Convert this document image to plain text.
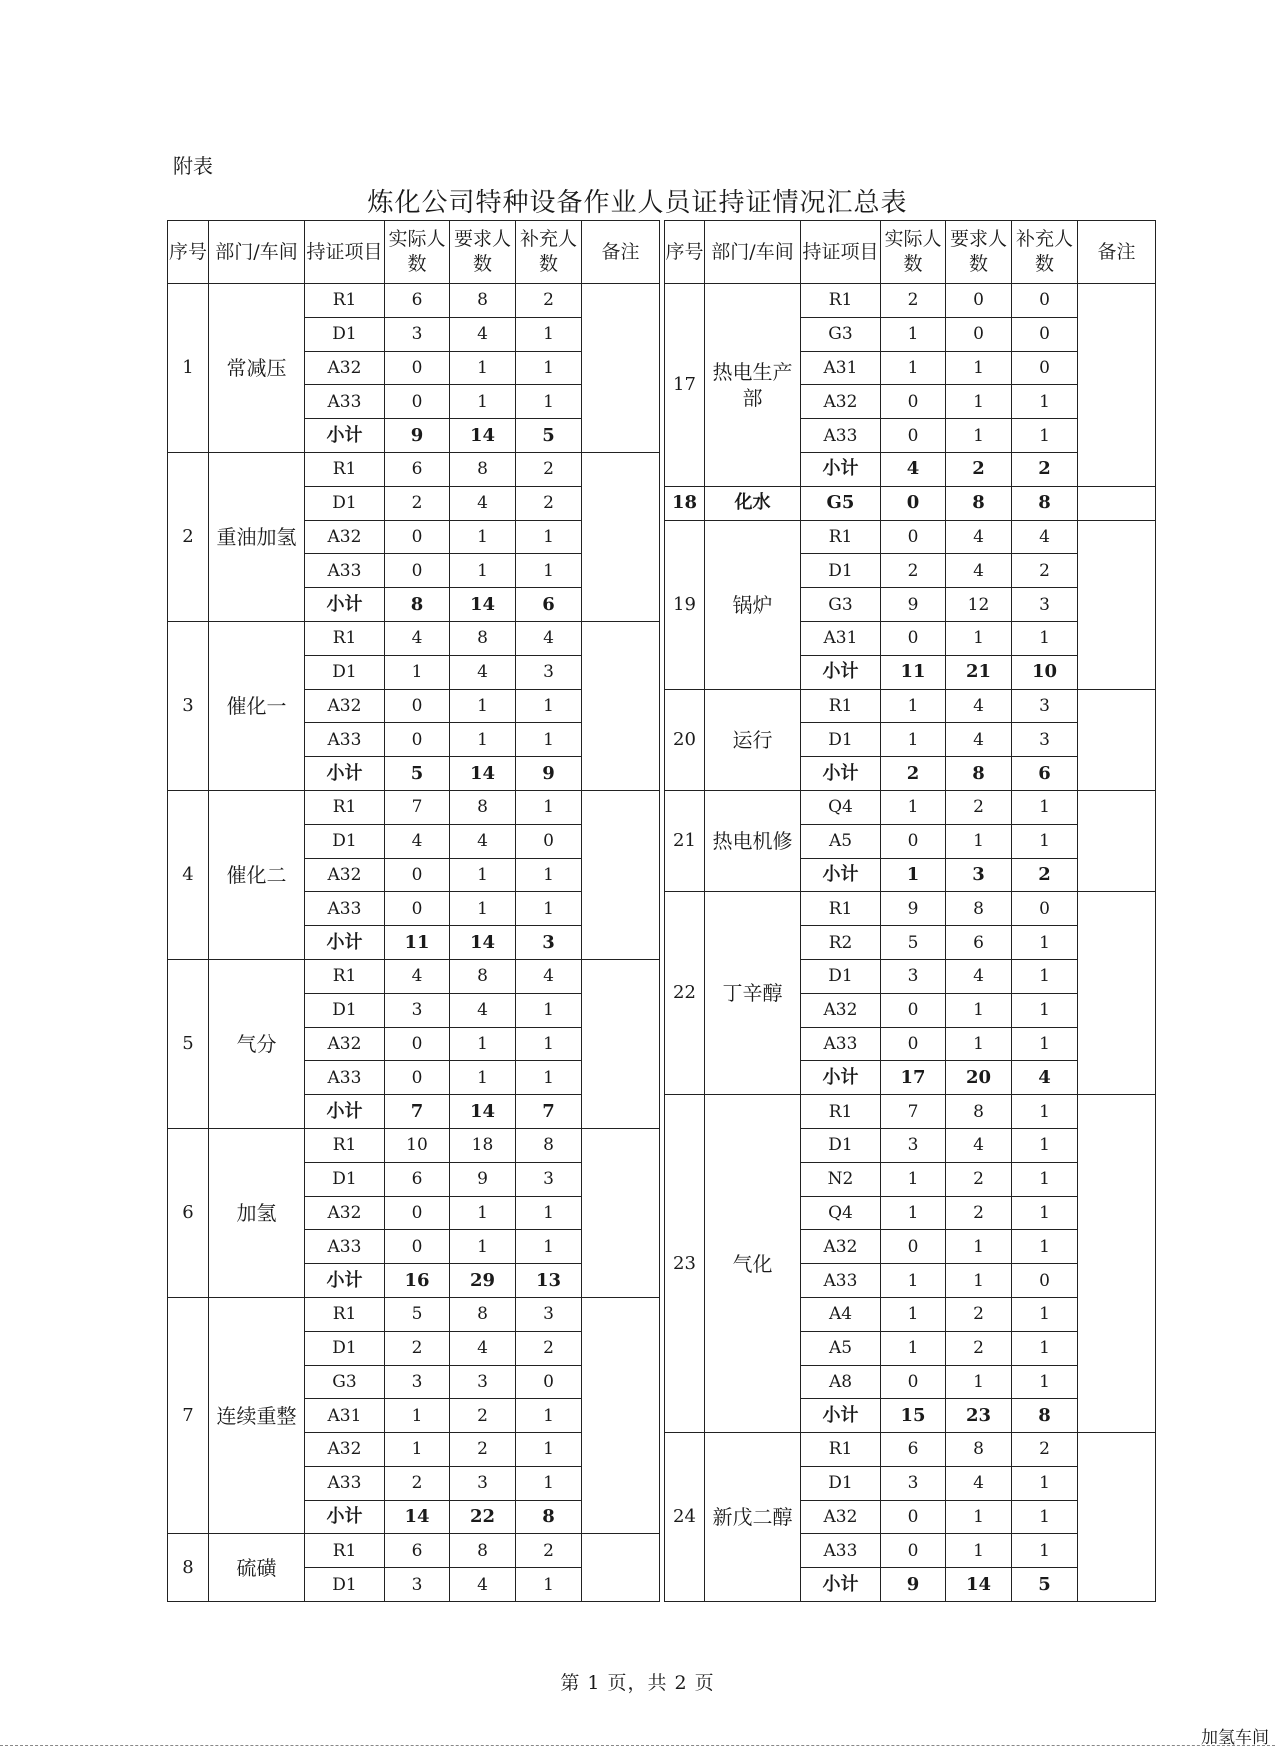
附表
炼化公司特种设备作业人员证持证情况汇总表
序号	部门/车间	持证项目	实际人数	要求人数	补充人数	备注
1	常减压	R1	6	8	2	
		D1	3	4	1	
		A32	0	1	1	
		A33	0	1	1	
		小计	9	14	5	
2	重油加氢	R1	6	8	2	
		D1	2	4	2	
		A32	0	1	1	
		A33	0	1	1	
		小计	8	14	6	
3	催化一	R1	4	8	4	
		D1	1	4	3	
		A32	0	1	1	
		A33	0	1	1	
		小计	5	14	9	
4	催化二	R1	7	8	1	
		D1	4	4	0	
		A32	0	1	1	
		A33	0	1	1	
		小计	11	14	3	
5	气分	R1	4	8	4	
		D1	3	4	1	
		A32	0	1	1	
		A33	0	1	1	
		小计	7	14	7	
6	加氢	R1	10	18	8	
		D1	6	9	3	
		A32	0	1	1	
		A33	0	1	1	
		小计	16	29	13	
7	连续重整	R1	5	8	3	
		D1	2	4	2	
		G3	3	3	0	
		A31	1	2	1	
		A32	1	2	1	
		A33	2	3	1	
		小计	14	22	8	
8	硫磺	R1	6	8	2	
		D1	3	4	1	
序号	部门/车间	持证项目	实际人数	要求人数	补充人数	备注
17	热电生产部	R1	2	0	0	
		G3	1	0	0	
		A31	1	1	0	
		A32	0	1	1	
		A33	0	1	1	
		小计	4	2	2	
18	化水	G5	0	8	8	
19	锅炉	R1	0	4	4	
		D1	2	4	2	
		G3	9	12	3	
		A31	0	1	1	
		小计	11	21	10	
20	运行	R1	1	4	3	
		D1	1	4	3	
		小计	2	8	6	
21	热电机修	Q4	1	2	1	
		A5	0	1	1	
		小计	1	3	2	
22	丁辛醇	R1	9	8	0	
		R2	5	6	1	
		D1	3	4	1	
		A32	0	1	1	
		A33	0	1	1	
		小计	17	20	4	
23	气化	R1	7	8	1	
		D1	3	4	1	
		N2	1	2	1	
		Q4	1	2	1	
		A32	0	1	1	
		A33	1	1	0	
		A4	1	2	1	
		A5	1	2	1	
		A8	0	1	1	
		小计	15	23	8	
24	新戊二醇	R1	6	8	2	
		D1	3	4	1	
		A32	0	1	1	
		A33	0	1	1	
		小计	9	14	5	
第 1 页，共 2 页
加氢车间
